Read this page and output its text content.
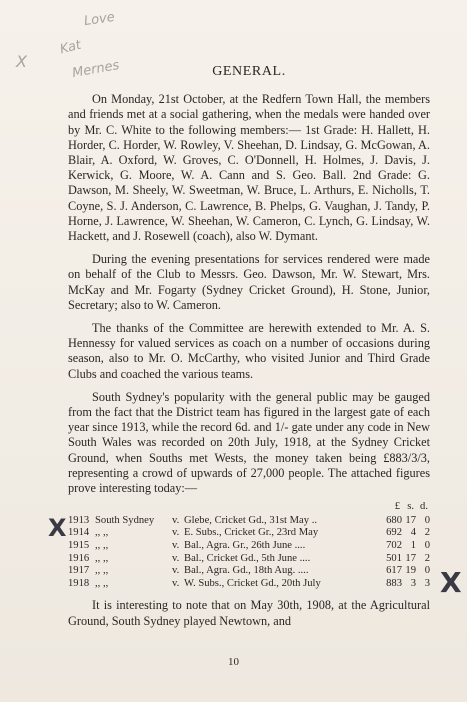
Love
Kat
Mernes
X
X
X
GENERAL.

On Monday, 21st October, at the Redfern Town Hall, the members and friends met at a social gathering, when the medals were handed over by Mr. C. White to the following members:— 1st Grade: H. Hallett, H. Horder, C. Horder, W. Rowley, V. Sheehan, D. Lindsay, G. McGowan, A. Blair, A. Oxford, W. Groves, C. O'Donnell, H. Holmes, J. Davis, J. Kerwick, G. Moore, W. A. Cann and S. Geo. Ball. 2nd Grade: G. Dawson, M. Sheely, W. Sweetman, W. Bruce, L. Arthurs, E. Nicholls, T. Coyne, S. J. Anderson, C. Lawrence, B. Phelps, G. Vaughan, J. Tandy, P. Horne, J. Lawrence, W. Sheehan, W. Cameron, C. Lynch, G. Lindsay, W. Hackett, and J. Rosewell (coach), also W. Dymant.

During the evening presentations for services rendered were made on behalf of the Club to Messrs. Geo. Dawson, Mr. W. Stewart, Mrs. McKay and Mr. Fogarty (Sydney Cricket Ground), H. Stone, Junior, Secretary; also to W. Cameron.

The thanks of the Committee are herewith extended to Mr. A. S. Hennessy for valued services as coach on a number of occasions during season, also to Mr. O. McCarthy, who visited Junior and Third Grade Clubs and coached the various teams.

South Sydney's popularity with the general public may be gauged from the fact that the District team has figured in the largest gate of each year since 1913, while the record 6d. and 1/- gate under any code in New South Wales was recorded on 20th July, 1918, at the Sydney Cricket Ground, when Souths met Wests, the money taken being £883/3/3, representing a crowd of upwards of 27,000 people. The attached figures prove interesting today:—

£ s. d.
1913 South Sydney	v. Glebe, Cricket Gd., 31st May ..	680 17 0
1914 ,, ,,	v. E. Subs., Cricket Gr., 23rd May	692 4 2
1915 ,, ,,	v. Bal., Agra. Gr., 26th June ....	702 1 0
1916 ,, ,,	v. Bal., Cricket Gd., 5th June ....	501 17 2
1917 ,, ,,	v. Bal., Agra. Gd., 18th Aug. ....	617 19 0
1918 ,, ,,	v. W. Subs., Cricket Gd., 20th July	883 3 3

It is interesting to note that on May 30th, 1908, at the Agricultural Ground, South Sydney played Newtown, and

10
